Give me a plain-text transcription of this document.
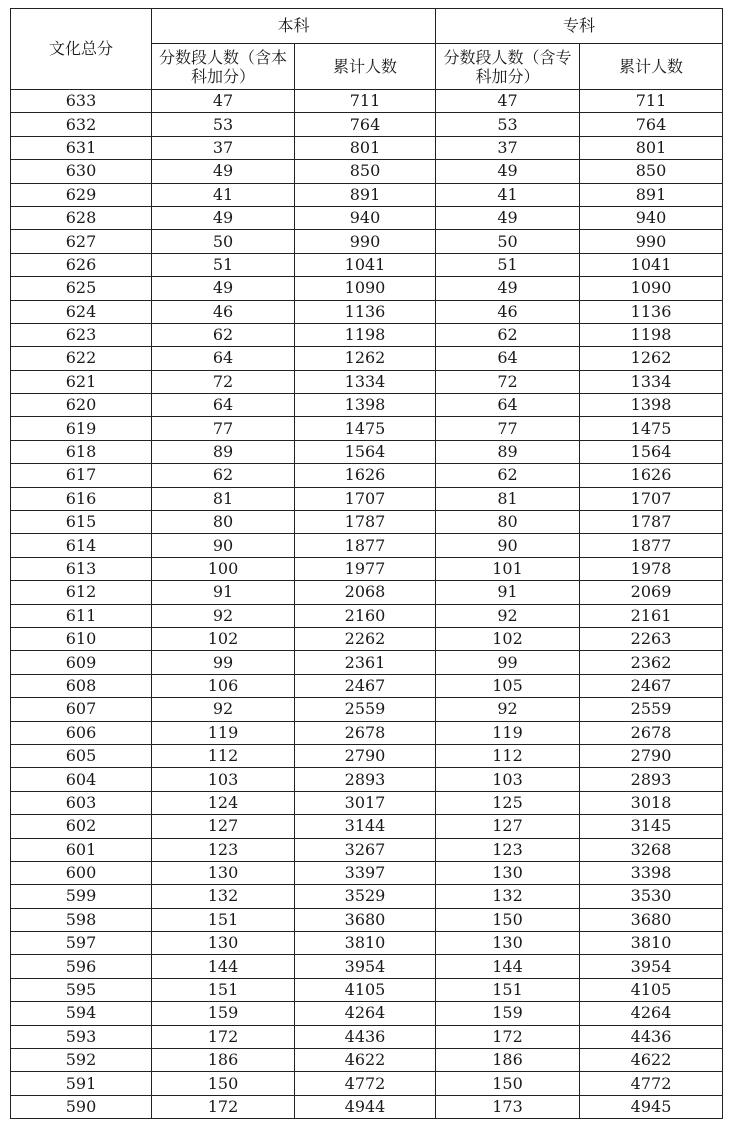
文化总分	本科		专科	
	分数段人数（含本科加分）	累计人数	分数段人数（含专科加分）	累计人数
633	47	711	47	711
632	53	764	53	764
631	37	801	37	801
630	49	850	49	850
629	41	891	41	891
628	49	940	49	940
627	50	990	50	990
626	51	1041	51	1041
625	49	1090	49	1090
624	46	1136	46	1136
623	62	1198	62	1198
622	64	1262	64	1262
621	72	1334	72	1334
620	64	1398	64	1398
619	77	1475	77	1475
618	89	1564	89	1564
617	62	1626	62	1626
616	81	1707	81	1707
615	80	1787	80	1787
614	90	1877	90	1877
613	100	1977	101	1978
612	91	2068	91	2069
611	92	2160	92	2161
610	102	2262	102	2263
609	99	2361	99	2362
608	106	2467	105	2467
607	92	2559	92	2559
606	119	2678	119	2678
605	112	2790	112	2790
604	103	2893	103	2893
603	124	3017	125	3018
602	127	3144	127	3145
601	123	3267	123	3268
600	130	3397	130	3398
599	132	3529	132	3530
598	151	3680	150	3680
597	130	3810	130	3810
596	144	3954	144	3954
595	151	4105	151	4105
594	159	4264	159	4264
593	172	4436	172	4436
592	186	4622	186	4622
591	150	4772	150	4772
590	172	4944	173	4945
